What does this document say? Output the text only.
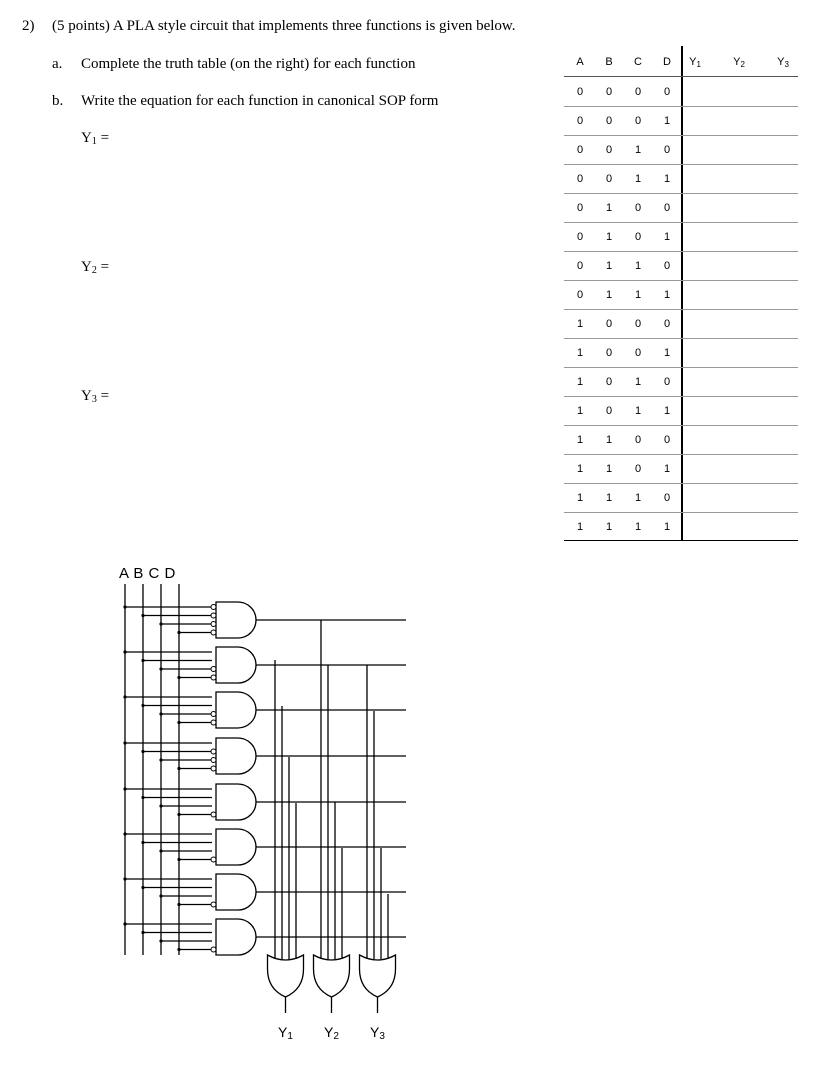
2) (5 points) A PLA style circuit that implements three functions is given below.
a. Complete the truth table (on the right) for each function
b. Write the equation for each function in canonical SOP form
$Y_1$ =
$Y_2$ =
$Y_3$ =
A	B	C	D	$Y_1$	$Y_2$	$Y_3$
0	0	0	0
0	0	0	1
0	0	1	0
0	0	1	1
0	1	0	0
0	1	0	1
0	1	1	0
0	1	1	1
1	0	0	0
1	0	0	1
1	0	1	0
1	0	1	1
1	1	0	0
1	1	0	1
1	1	1	0
1	1	1	1
A B C D
$Y_1$ $Y_2$ $Y_3$
